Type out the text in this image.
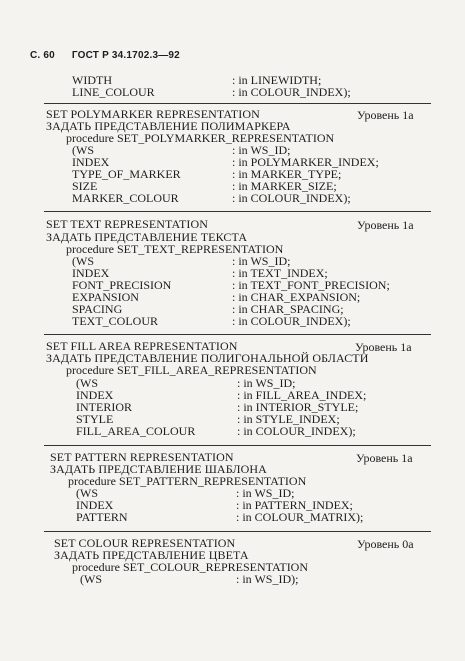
С. 60 ГОСТ Р 34.1702.3—92
WIDTH	: in LINEWIDTH;
LINE_COLOUR	: in COLOUR_INDEX);
SET POLYMARKER REPRESENTATION	Уровень 1а
ЗАДАТЬ ПРЕДСТАВЛЕНИЕ ПОЛИМАРКЕРА
procedure SET_POLYMARKER_REPRESENTATION
(WS	: in WS_ID;
INDEX	: in POLYMARKER_INDEX;
TYPE_OF_MARKER	: in MARKER_TYPE;
SIZE	: in MARKER_SIZE;
MARKER_COLOUR	: in COLOUR_INDEX);
SET TEXT REPRESENTATION	Уровень 1а
ЗАДАТЬ ПРЕДСТАВЛЕНИЕ ТЕКСТА
procedure SET_TEXT_REPRESENTATION
(WS	: in WS_ID;
INDEX	: in TEXT_INDEX;
FONT_PRECISION	: in TEXT_FONT_PRECISION;
EXPANSION	: in CHAR_EXPANSION;
SPACING	: in CHAR_SPACING;
TEXT_COLOUR	: in COLOUR_INDEX);
SET FILL AREA REPRESENTATION	Уровень 1а
ЗАДАТЬ ПРЕДСТАВЛЕНИЕ ПОЛИГОНАЛЬНОЙ ОБЛАСТИ
procedure SET_FILL_AREA_REPRESENTATION
(WS	: in WS_ID;
INDEX	: in FILL_AREA_INDEX;
INTERIOR	: in INTERIOR_STYLE;
STYLE	: in STYLE_INDEX;
FILL_AREA_COLOUR	: in COLOUR_INDEX);
SET PATTERN REPRESENTATION	Уровень 1а
ЗАДАТЬ ПРЕДСТАВЛЕНИЕ ШАБЛОНА
procedure SET_PATTERN_REPRESENTATION
(WS	: in WS_ID;
INDEX	: in PATTERN_INDEX;
PATTERN	: in COLOUR_MATRIX);
SET COLOUR REPRESENTATION	Уровень 0а
ЗАДАТЬ ПРЕДСТАВЛЕНИЕ ЦВЕТА
procedure SET_COLOUR_REPRESENTATION
(WS	: in WS_ID);
